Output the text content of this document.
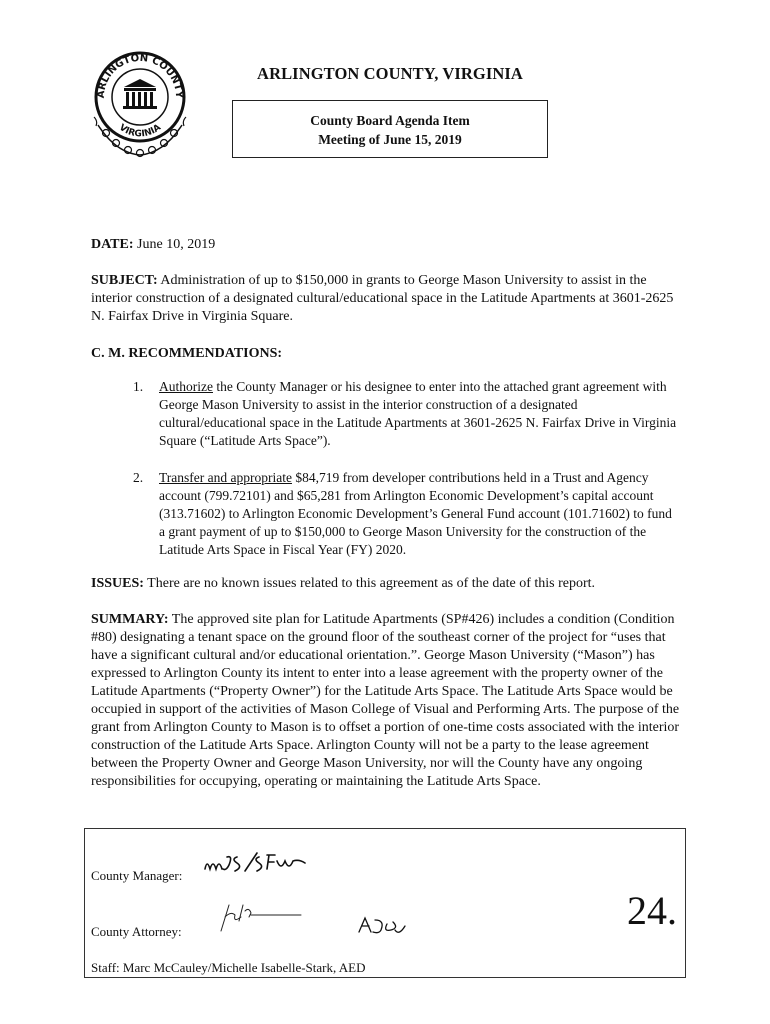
ARLINGTON COUNTY
VIRGINIA
ARLINGTON COUNTY, VIRGINIA
County Board Agenda Item
Meeting of June 15, 2019
DATE: June 10, 2019
SUBJECT: Administration of up to $150,000 in grants to George Mason University to assist in the interior construction of a designated cultural/educational space in the Latitude Apartments at 3601-2625 N. Fairfax Drive in Virginia Square.
C. M. RECOMMENDATIONS:
1. Authorize the County Manager or his designee to enter into the attached grant agreement with George Mason University to assist in the interior construction of a designated cultural/educational space in the Latitude Apartments at 3601-2625 N. Fairfax Drive in Virginia Square (“Latitude Arts Space”).
2. Transfer and appropriate $84,719 from developer contributions held in a Trust and Agency account (799.72101) and $65,281 from Arlington Economic Development’s capital account (313.71602) to Arlington Economic Development’s General Fund account (101.71602) to fund a grant payment of up to $150,000 to George Mason University for the construction of the Latitude Arts Space in Fiscal Year (FY) 2020.
ISSUES: There are no known issues related to this agreement as of the date of this report.
SUMMARY: The approved site plan for Latitude Apartments (SP#426) includes a condition (Condition #80) designating a tenant space on the ground floor of the southeast corner of the project for “uses that have a significant cultural and/or educational orientation.”. George Mason University (“Mason”) has expressed to Arlington County its intent to enter into a lease agreement with the property owner of the Latitude Apartments (“Property Owner”) for the Latitude Arts Space. The Latitude Arts Space would be occupied in support of the activities of Mason College of Visual and Performing Arts. The purpose of the grant from Arlington County to Mason is to offset a portion of one-time costs associated with the interior construction of the Latitude Arts Space. Arlington County will not be a party to the lease agreement between the Property Owner and George Mason University, nor will the County have any ongoing responsibilities for occupying, operating or maintaining the Latitude Arts Space.
County Manager:
County Attorney:
Staff: Marc McCauley/Michelle Isabelle-Stark, AED
24.
